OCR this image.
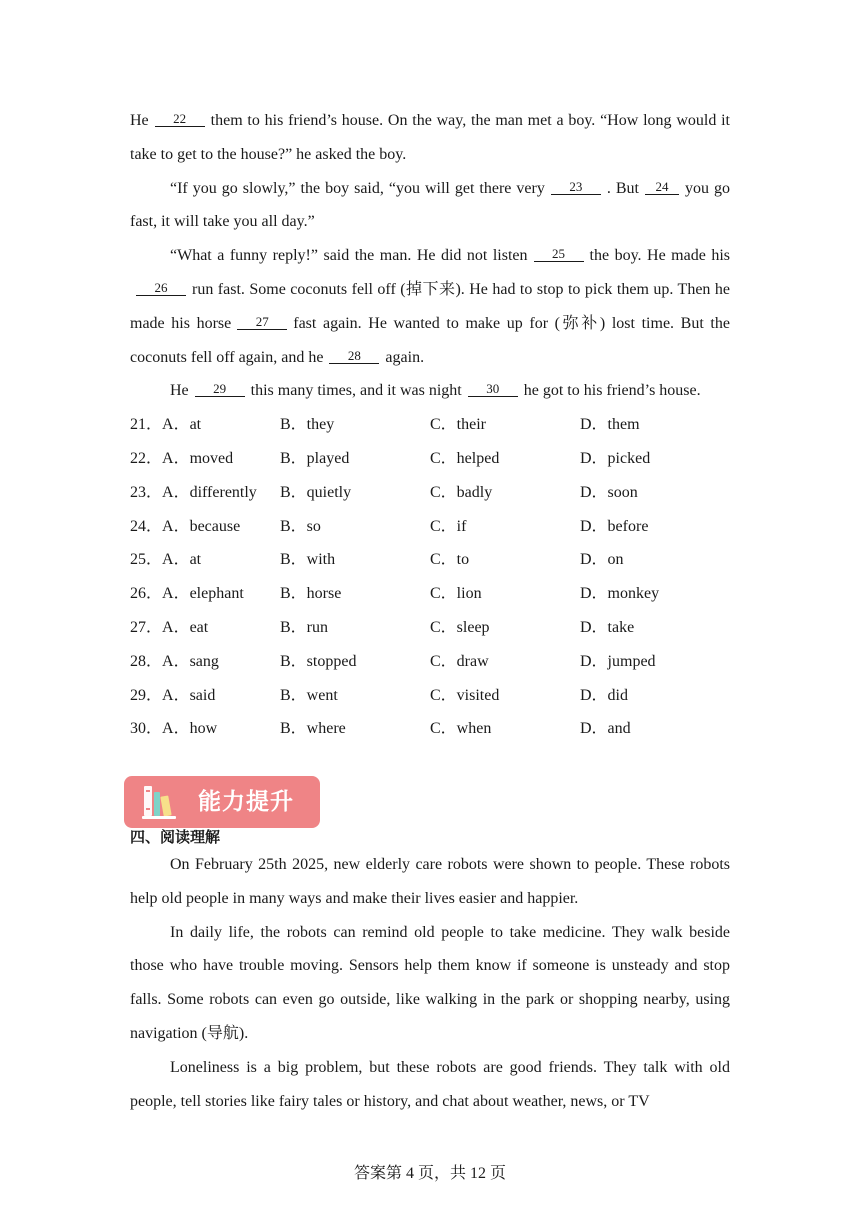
He 22 them to his friend’s house. On the way, the man met a boy. “How long would it take to get to the house?” he asked the boy.

“If you go slowly,” the boy said, “you will get there very 23 . But 24 you go fast, it will take you all day.”

“What a funny reply!” said the man. He did not listen 25 the boy. He made his26 run fast. Some coconuts fell off (掉下来). He had to stop to pick them up. Then he made his horse 27 fast again. He wanted to make up for (弥补) lost time. But the coconuts fell off again, and he 28 again.

He 29 this many times, and it was night 30 he got to his friend’s house.

21． A．at	B．they	C．their	D．them
22． A．moved	B．played	C．helped	D．picked
23． A．differently B．quietly	C．badly	D．soon
24． A．because B．so	C．if	D．before
25． A．at	B．with	C．to	D．on
26． A．elephant B．horse	C．lion	D．monkey
27． A．eat	B．run	C．sleep	D．take
28． A．sang	B．stopped	C．draw	D．jumped
29． A．said	B．went	C．visited	D．did
30． A．how	B．where	C．when	D．and
能力提升
四、阅读理解

On February 25th 2025, new elderly care robots were shown to people. These robots help old people in many ways and make their lives easier and happier.

In daily life, the robots can remind old people to take medicine. They walk beside those who have trouble moving. Sensors help them know if someone is unsteady and stop falls. Some robots can even go outside, like walking in the park or shopping nearby, using navigation (导航).

Loneliness is a big problem, but these robots are good friends. They talk with old people, tell stories like fairy tales or history, and chat about weather, news, or TV

答案第 4 页，共 12 页
